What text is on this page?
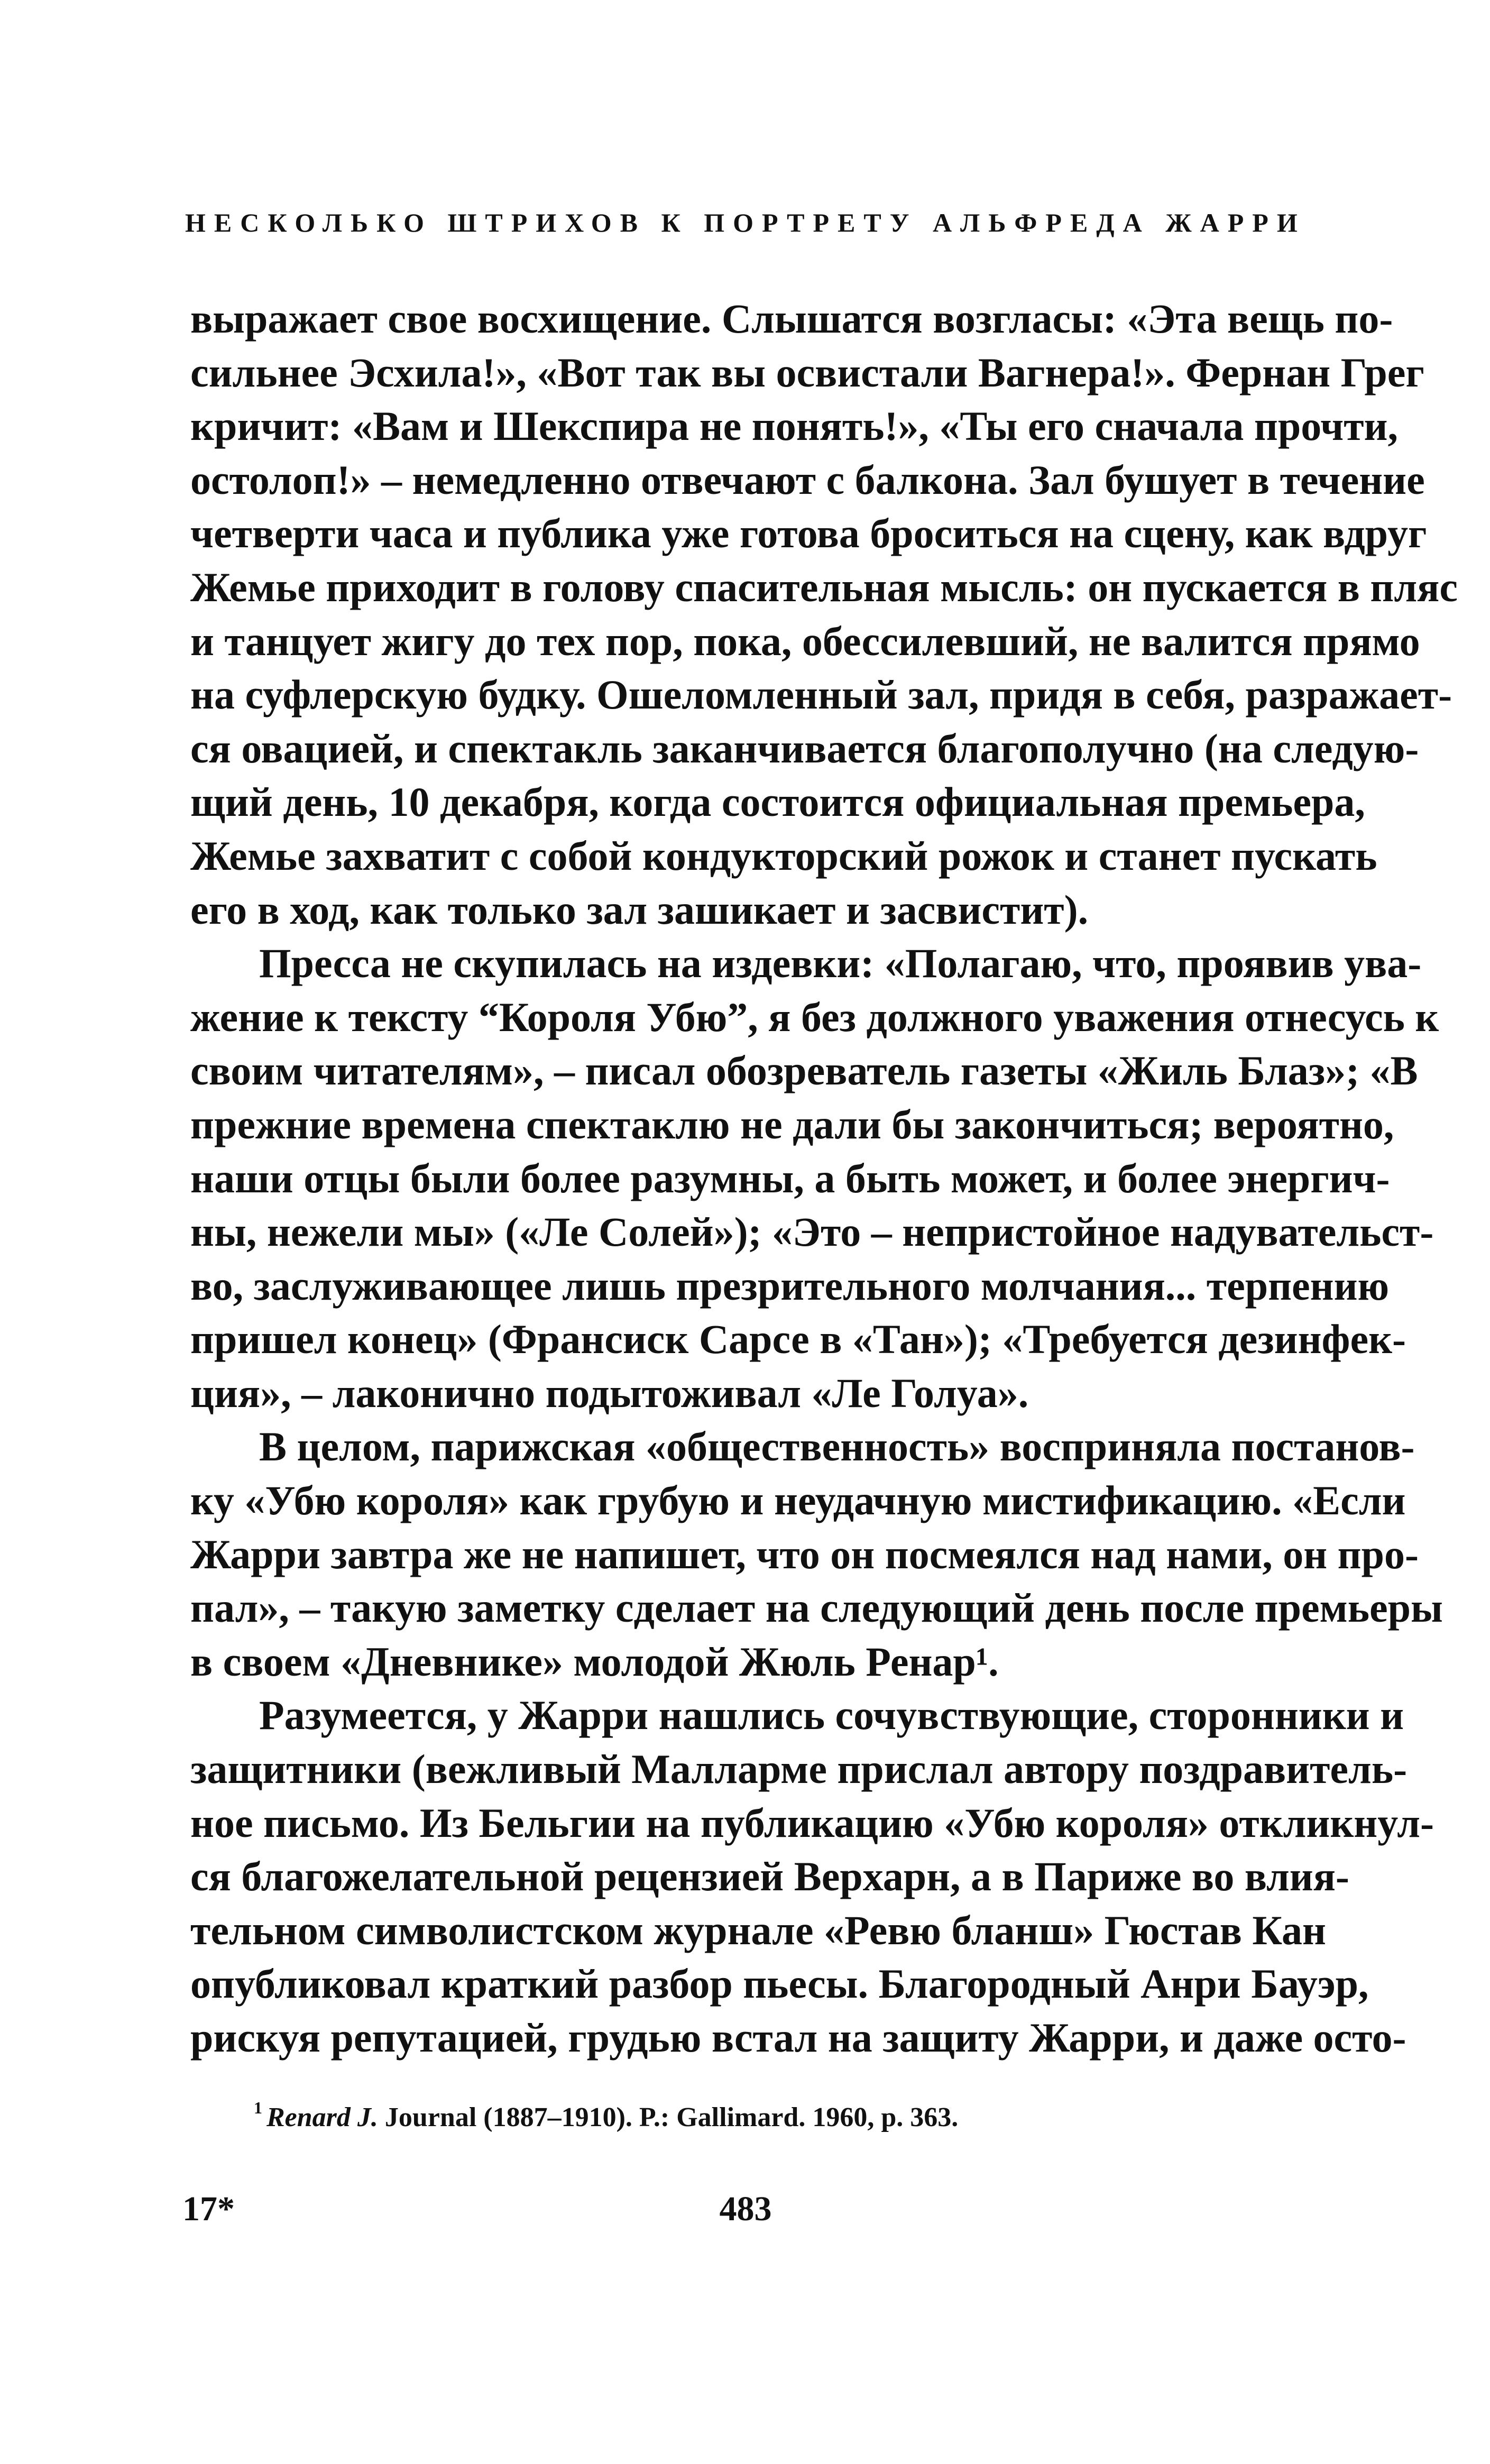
НЕСКОЛЬКО ШТРИХОВ К ПОРТРЕТУ АЛЬФРЕДА ЖАРРИ
выражает свое восхищение. Слышатся возгласы: «Эта вещь по-
сильнее Эсхила!», «Вот так вы освистали Вагнера!». Фернан Грег
кричит: «Вам и Шекспира не понять!», «Ты его сначала прочти,
остолоп!» – немедленно отвечают с балкона. Зал бушует в течение
четверти часа и публика уже готова броситься на сцену, как вдруг
Жемье приходит в голову спасительная мысль: он пускается в пляс
и танцует жигу до тех пор, пока, обессилевший, не валится прямо
на суфлерскую будку. Ошеломленный зал, придя в себя, разражает-
ся овацией, и спектакль заканчивается благополучно (на следую-
щий день, 10 декабря, когда состоится официальная премьера,
Жемье захватит с собой кондукторский рожок и станет пускать
его в ход, как только зал зашикает и засвистит).
Пресса не скупилась на издевки: «Полагаю, что, проявив ува-
жение к тексту “Короля Убю”, я без должного уважения отнесусь к
своим читателям», – писал обозреватель газеты «Жиль Блаз»; «В
прежние времена спектаклю не дали бы закончиться; вероятно,
наши отцы были более разумны, а быть может, и более энергич-
ны, нежели мы» («Ле Солей»); «Это – непристойное надувательст-
во, заслуживающее лишь презрительного молчания... терпению
пришел конец» (Франсиск Сарсе в «Тан»); «Требуется дезинфек-
ция», – лаконично подытоживал «Ле Голуа».
В целом, парижская «общественность» восприняла постанов-
ку «Убю короля» как грубую и неудачную мистификацию. «Если
Жарри завтра же не напишет, что он посмеялся над нами, он про-
пал», – такую заметку сделает на следующий день после премьеры
в своем «Дневнике» молодой Жюль Ренар¹.
Разумеется, у Жарри нашлись сочувствующие, сторонники и
защитники (вежливый Малларме прислал автору поздравитель-
ное письмо. Из Бельгии на публикацию «Убю короля» откликнул-
ся благожелательной рецензией Верхарн, а в Париже во влия-
тельном символистском журнале «Ревю бланш» Гюстав Кан
опубликовал краткий разбор пьесы. Благородный Анри Бауэр,
рискуя репутацией, грудью встал на защиту Жарри, и даже осто-
$^1$ Renard J. Journal (1887–1910). P.: Gallimard. 1960, p. 363.
17*	483
